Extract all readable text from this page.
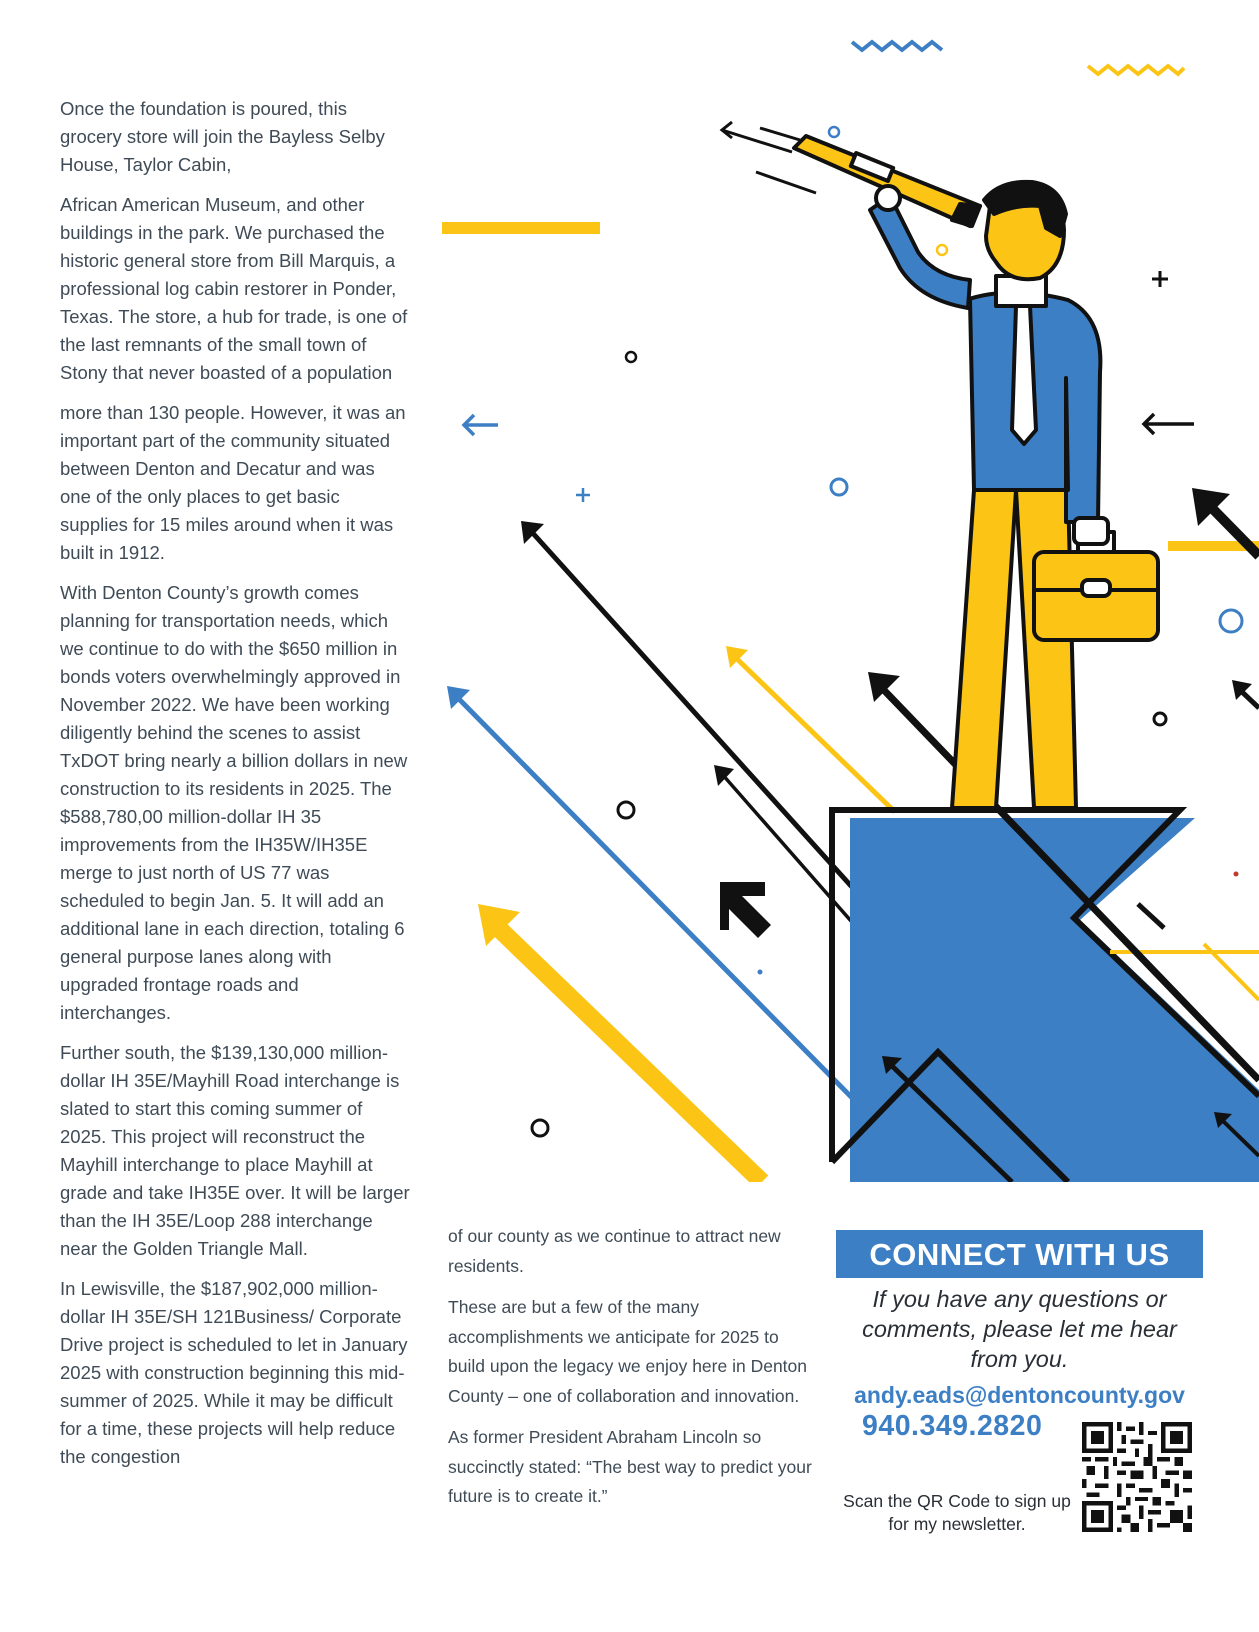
Once the foundation is poured, this grocery store will join the Bayless Selby House, Taylor Cabin,

African American Museum, and other buildings in the park. We purchased the historic general store from Bill Marquis, a professional log cabin restorer in Ponder, Texas. The store, a hub for trade, is one of the last remnants of the small town of Stony that never boasted of a population

more than 130 people. However, it was an important part of the community situated between Denton and Decatur and was one of the only places to get basic supplies for 15 miles around when it was built in 1912.

With Denton County’s growth comes planning for transportation needs, which we continue to do with the $650 million in bonds voters overwhelmingly approved in November 2022. We have been working diligently behind the scenes to assist TxDOT bring nearly a billion dollars in new construction to its residents in 2025. The $588,780,00 million-dollar IH 35 improvements from the IH35W/IH35E merge to just north of US 77 was scheduled to begin Jan. 5. It will add an additional lane in each direction, totaling 6 general purpose lanes along with upgraded frontage roads and interchanges.

Further south, the $139,130,000 million-dollar IH 35E/Mayhill Road interchange is slated to start this coming summer of 2025. This project will reconstruct the Mayhill interchange to place Mayhill at grade and take IH35E over. It will be larger than the IH 35E/Loop 288 interchange near the Golden Triangle Mall.

In Lewisville, the $187,902,000 million-dollar IH 35E/SH 121Business/ Corporate Drive project is scheduled to let in January 2025 with construction beginning this mid-summer of 2025. While it may be difficult for a time, these projects will help reduce the congestion

of our county as we continue to attract new residents.

These are but a few of the many accomplishments we anticipate for 2025 to build upon the legacy we enjoy here in Denton County – one of collaboration and innovation.

As former President Abraham Lincoln so succinctly stated: “The best way to predict your future is to create it.”

CONNECT WITH US
If you have any questions or comments, please let me hear from you.
andy.eads@dentoncounty.gov
940.349.2820
Scan the QR Code to sign up for my newsletter.
